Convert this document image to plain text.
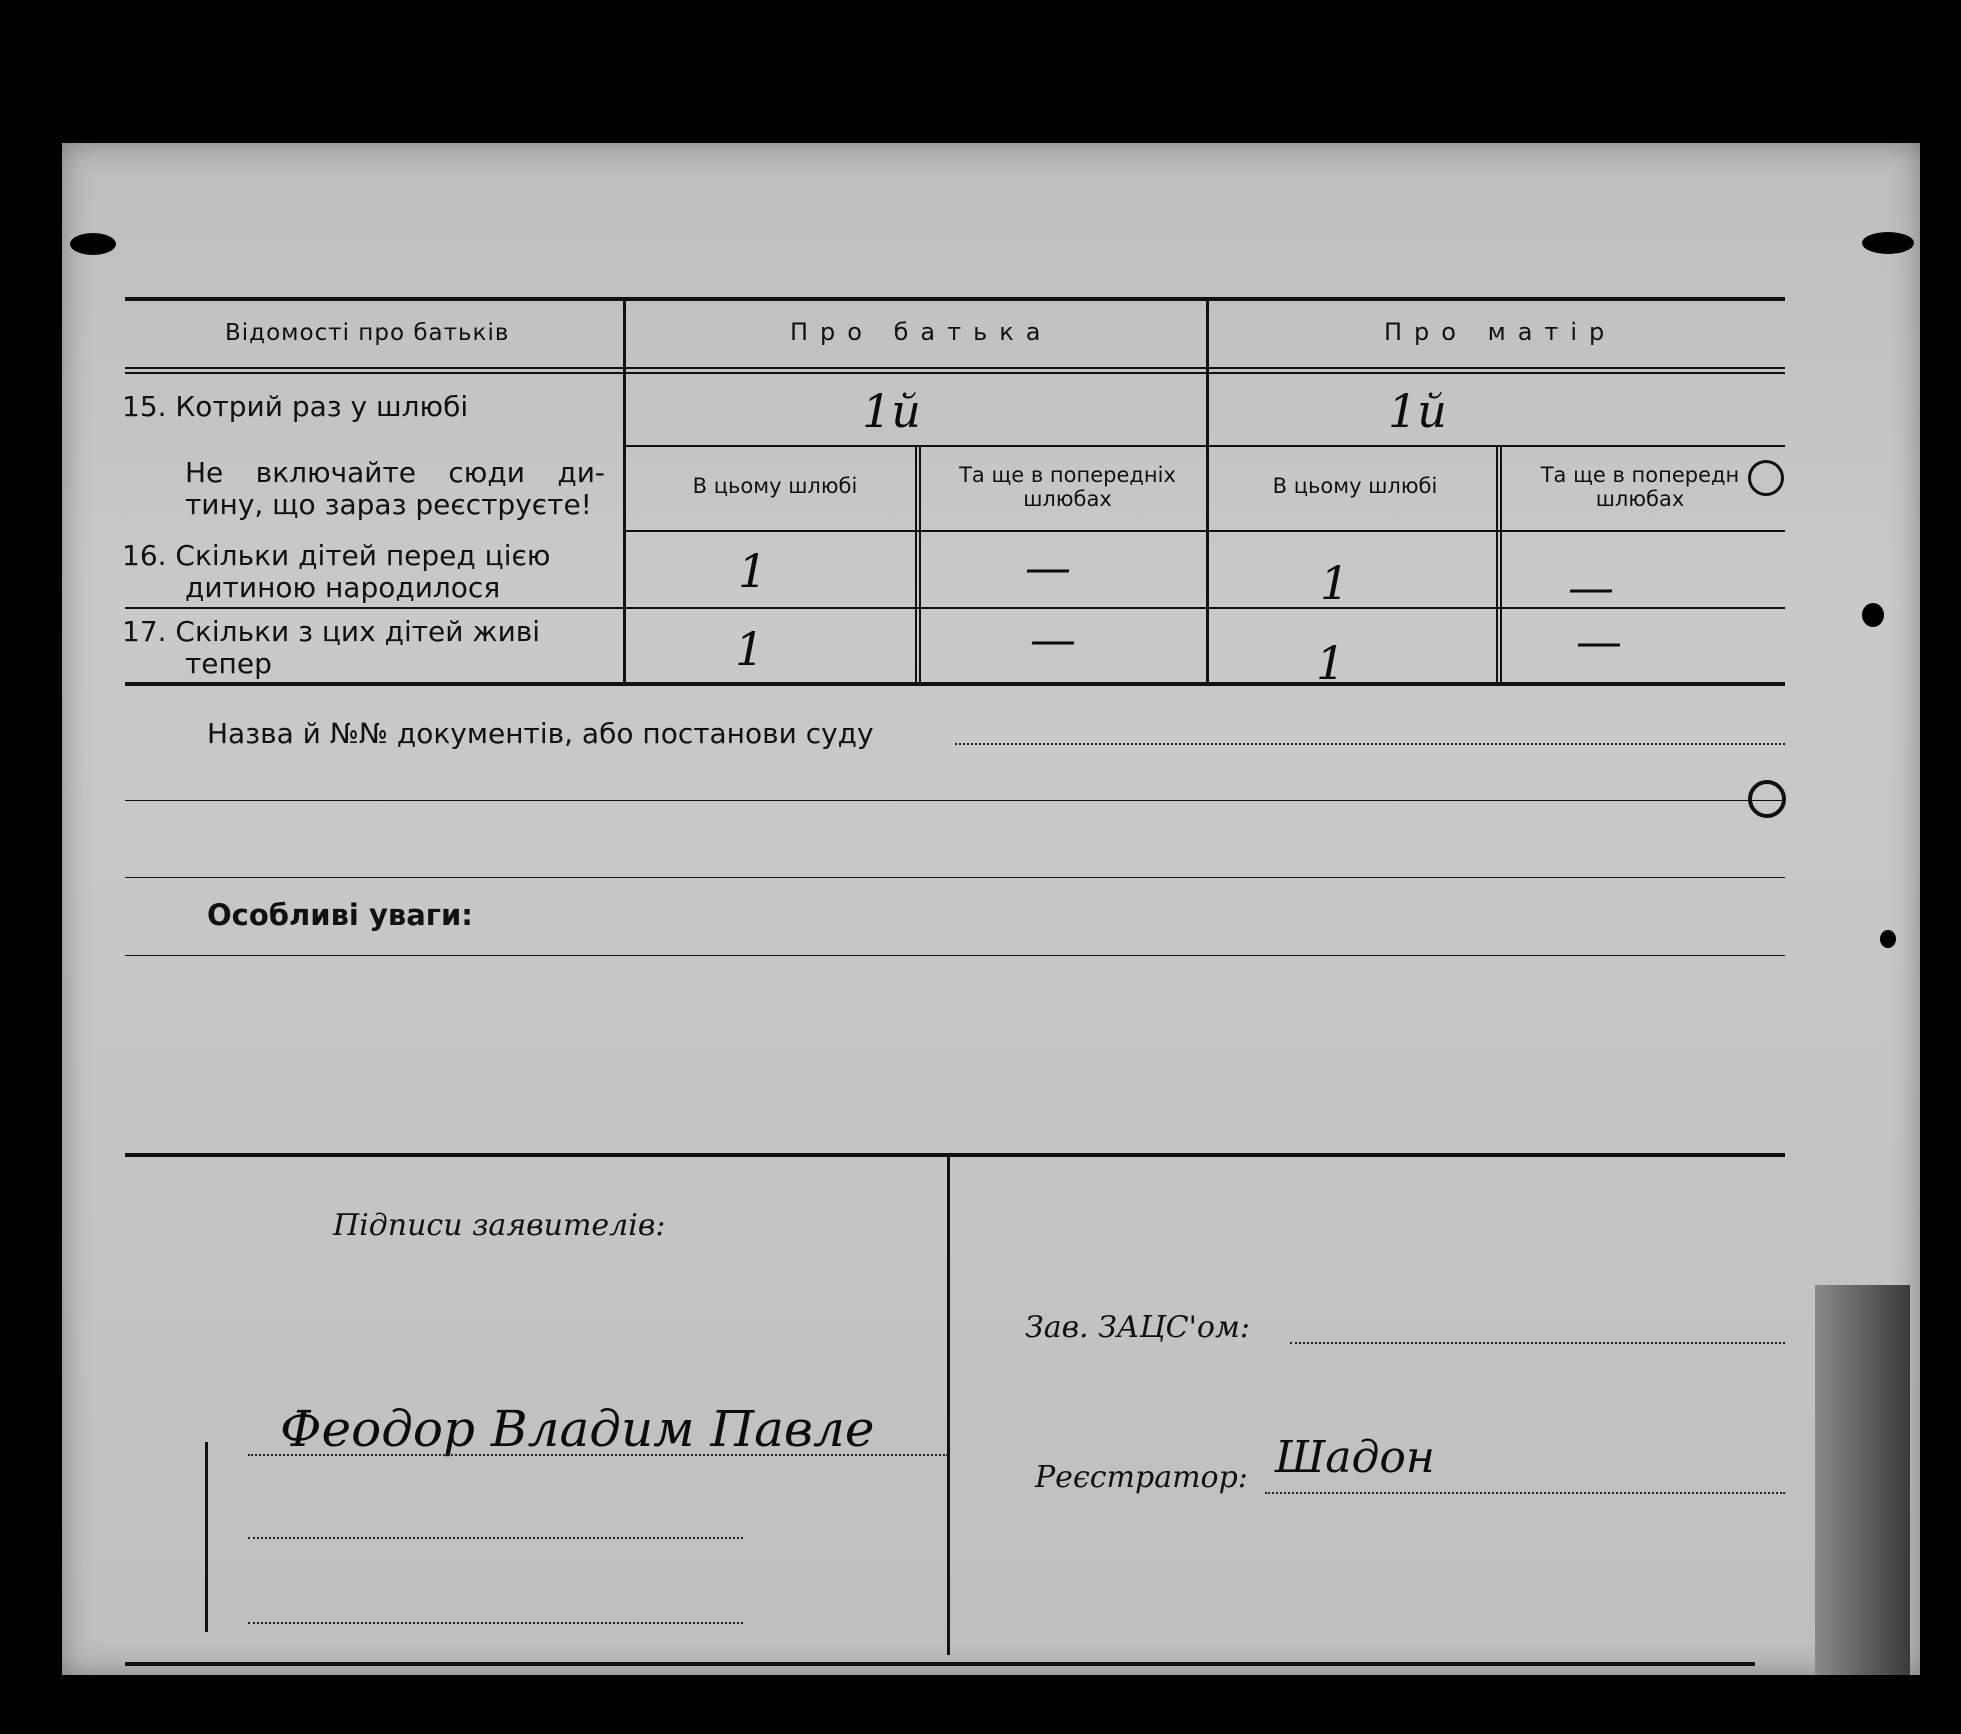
Відомості про батьків	Про батька	Про матір
15. Котрий раз у шлюбі	1й	1й
Не включайте сюди ди-
тину, що зараз реєструєте!
В цьому шлюбі	Та ще в попередніх
шлюбах
В цьому шлюбі	Та ще в попередн
шлюбах
16. Скільки дітей перед цією
дитиною народилося	1	—	1	—
17. Скільки з цих дітей живі
тепер	1	—	1	—
Назва й №№ документів, або постанови суду
Особливі уваги:
Підписи заявителів:
Феодор Владим Павле
Зав. ЗАЦС'ом:
Реєстратор: Шадон
